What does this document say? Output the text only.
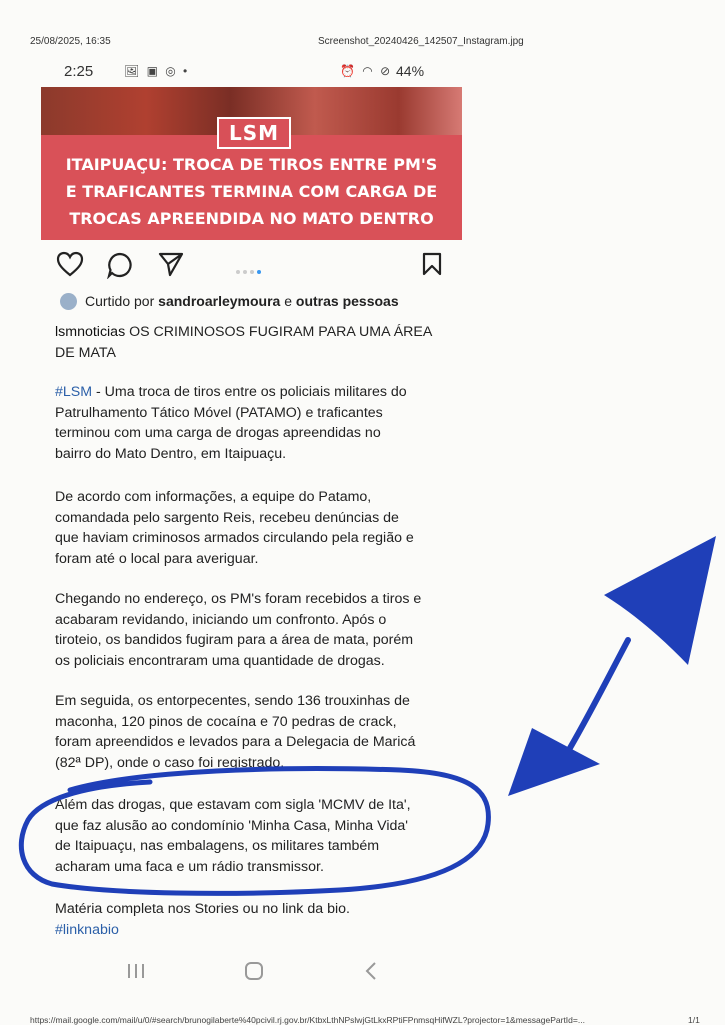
25/08/2025, 16:35	Screenshot_20240426_142507_Instagram.jpg
2:25	🖼 ▣ ◎ •	⏰ ◠ ⊘ 44%
LSM
ITAIPUAÇU: TROCA DE TIROS ENTRE PM'S
E TRAFICANTES TERMINA COM CARGA DE
TROCAS APREENDIDA NO MATO DENTRO
Curtido por sandroarleymoura e outras pessoas

lsmnoticias OS CRIMINOSOS FUGIRAM PARA UMA ÁREA
DE MATA

#LSM - Uma troca de tiros entre os policiais militares do
Patrulhamento Tático Móvel (PATAMO) e traficantes
terminou com uma carga de drogas apreendidas no
bairro do Mato Dentro, em Itaipuaçu.

De acordo com informações, a equipe do Patamo,
comandada pelo sargento Reis, recebeu denúncias de
que haviam criminosos armados circulando pela região e
foram até o local para averiguar.

Chegando no endereço, os PM's foram recebidos a tiros e
acabaram revidando, iniciando um confronto. Após o
tiroteio, os bandidos fugiram para a área de mata, porém
os policiais encontraram uma quantidade de drogas.

Em seguida, os entorpecentes, sendo 136 trouxinhas de
maconha, 120 pinos de cocaína e 70 pedras de crack,
foram apreendidos e levados para a Delegacia de Maricá
(82ª DP), onde o caso foi registrado.

Além das drogas, que estavam com sigla 'MCMV de Ita',
que faz alusão ao condomínio 'Minha Casa, Minha Vida'
de Itaipuaçu, nas embalagens, os militares também
acharam uma faca e um rádio transmissor.

Matéria completa nos Stories ou no link da bio.

#linknabio

https://mail.google.com/mail/u/0/#search/brunogilaberte%40pcivil.rj.gov.br/KtbxLthNPslwjGtLkxRPtiFPnmsqHifWZL?projector=1&messagePartId=...	1/1
